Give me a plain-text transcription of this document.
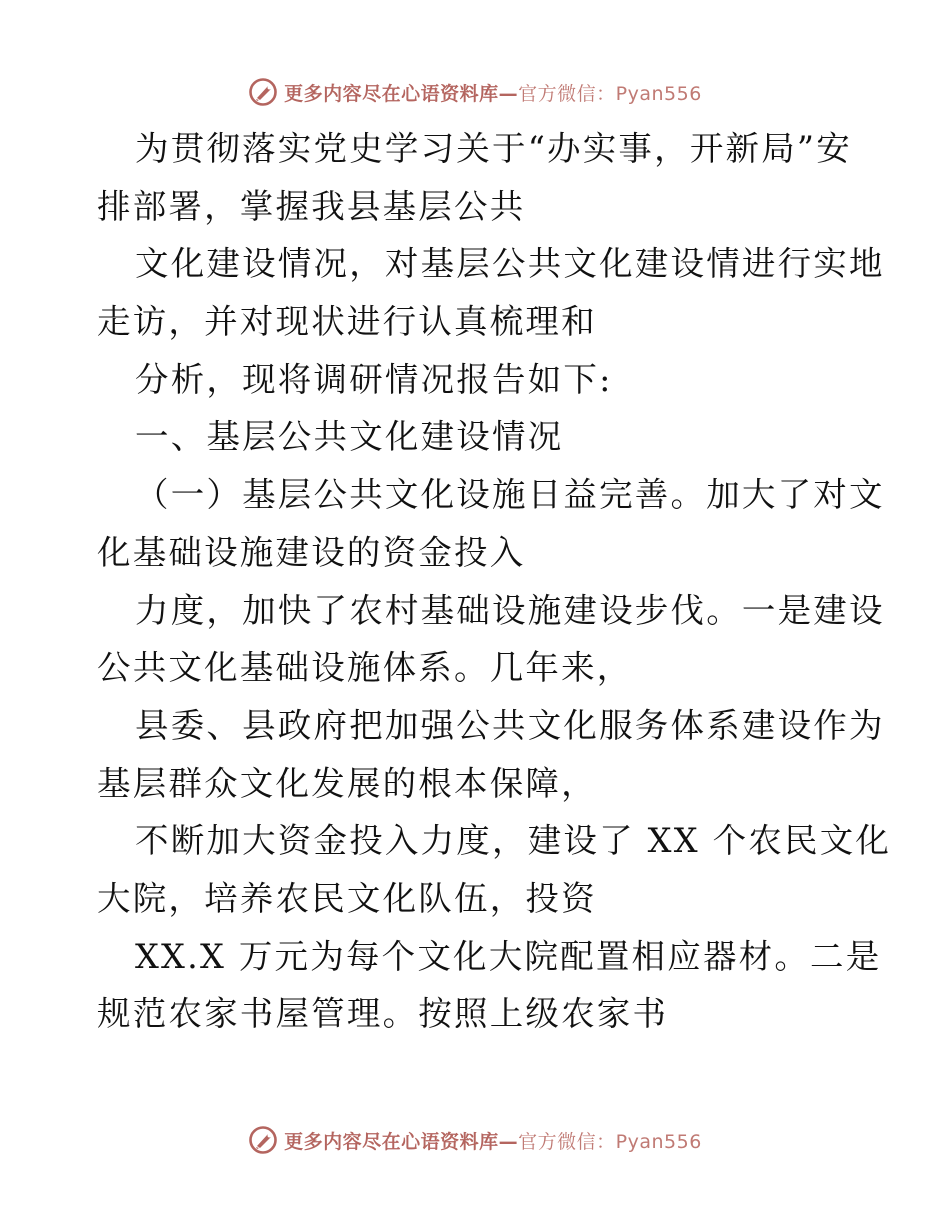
更多内容尽在心语资料库—官方微信：Pyan556
为贯彻落实党史学习关于“办实事，开新局”安
排部署，掌握我县基层公共
文化建设情况，对基层公共文化建设情进行实地
走访，并对现状进行认真梳理和
分析，现将调研情况报告如下:
一、基层公共文化建设情况
（一）基层公共文化设施日益完善。加大了对文
化基础设施建设的资金投入
力度，加快了农村基础设施建设步伐。一是建设
公共文化基础设施体系。几年来，
县委、县政府把加强公共文化服务体系建设作为
基层群众文化发展的根本保障，
不断加大资金投入力度，建设了 XX 个农民文化
大院，培养农民文化队伍，投资
XX.X 万元为每个文化大院配置相应器材。二是
规范农家书屋管理。按照上级农家书
更多内容尽在心语资料库—官方微信：Pyan556
